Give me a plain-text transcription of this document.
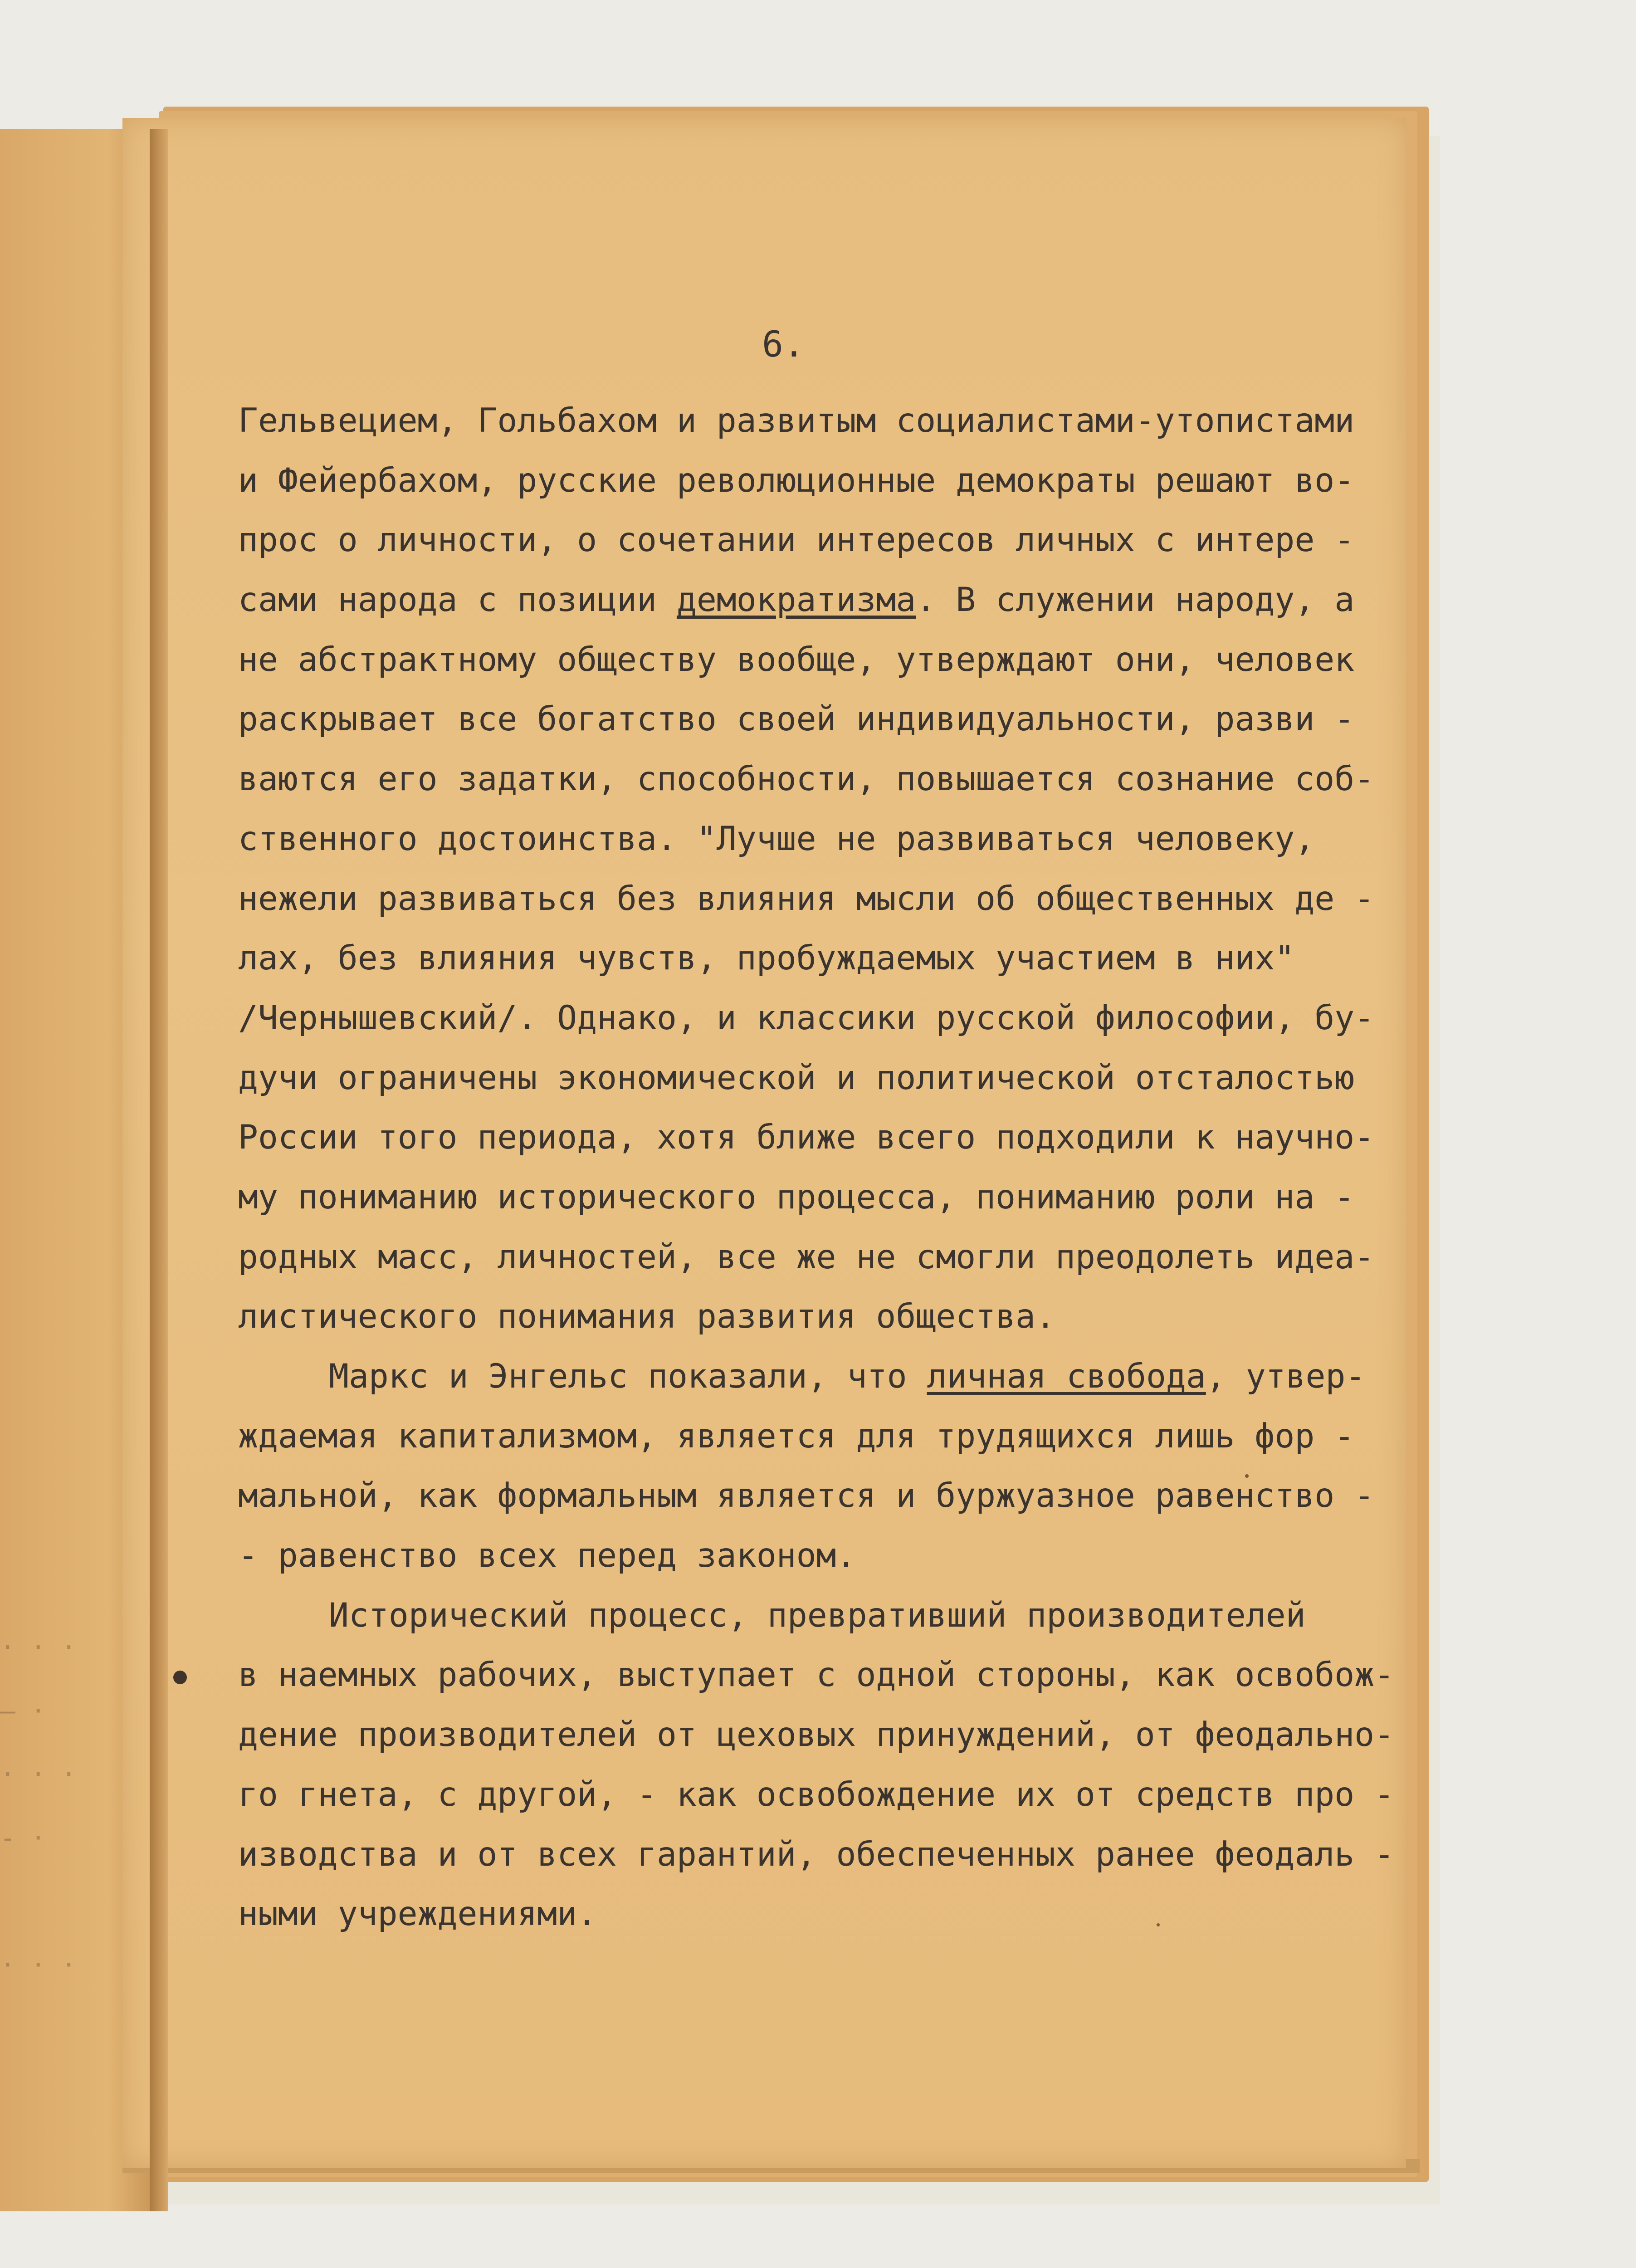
· · ·
— ·
· · ·
- ·
· · ·
6.
Гельвецием, Гольбахом и развитым социалистами-утопистами
и Фейербахом, русские революционные демократы решают во-
прос о личности, о сочетании интересов личных с интере -
сами народа с позиции демократизма. В служении народу, а
не абстрактному обществу вообще, утверждают они, человек
раскрывает все богатство своей индивидуальности, разви -
ваются его задатки, способности, повышается сознание соб-
ственного достоинства. "Лучше не развиваться человеку,
нежели развиваться без влияния мысли об общественных де -
лах, без влияния чувств, пробуждаемых участием в них"
/Чернышевский/. Однако, и классики русской философии, бу-
дучи ограничены экономической и политической отсталостью
России того периода, хотя ближе всего подходили к научно-
му пониманию исторического процесса, пониманию роли на -
родных масс, личностей, все же не смогли преодолеть идеа-
листического понимания развития общества.
Маркс и Энгельс показали, что личная свобода, утвер-
ждаемая капитализмом, является для трудящихся лишь фор -
мальной, как формальным является и буржуазное равенство -
- равенство всех перед законом.
Исторический процесс, превративший производителей
в наемных рабочих, выступает с одной стороны, как освобож-
дение производителей от цеховых принуждений, от феодально-
го гнета, с другой, - как освобождение их от средств про -
изводства и от всех гарантий, обеспеченных ранее феодаль -
ными учреждениями.
